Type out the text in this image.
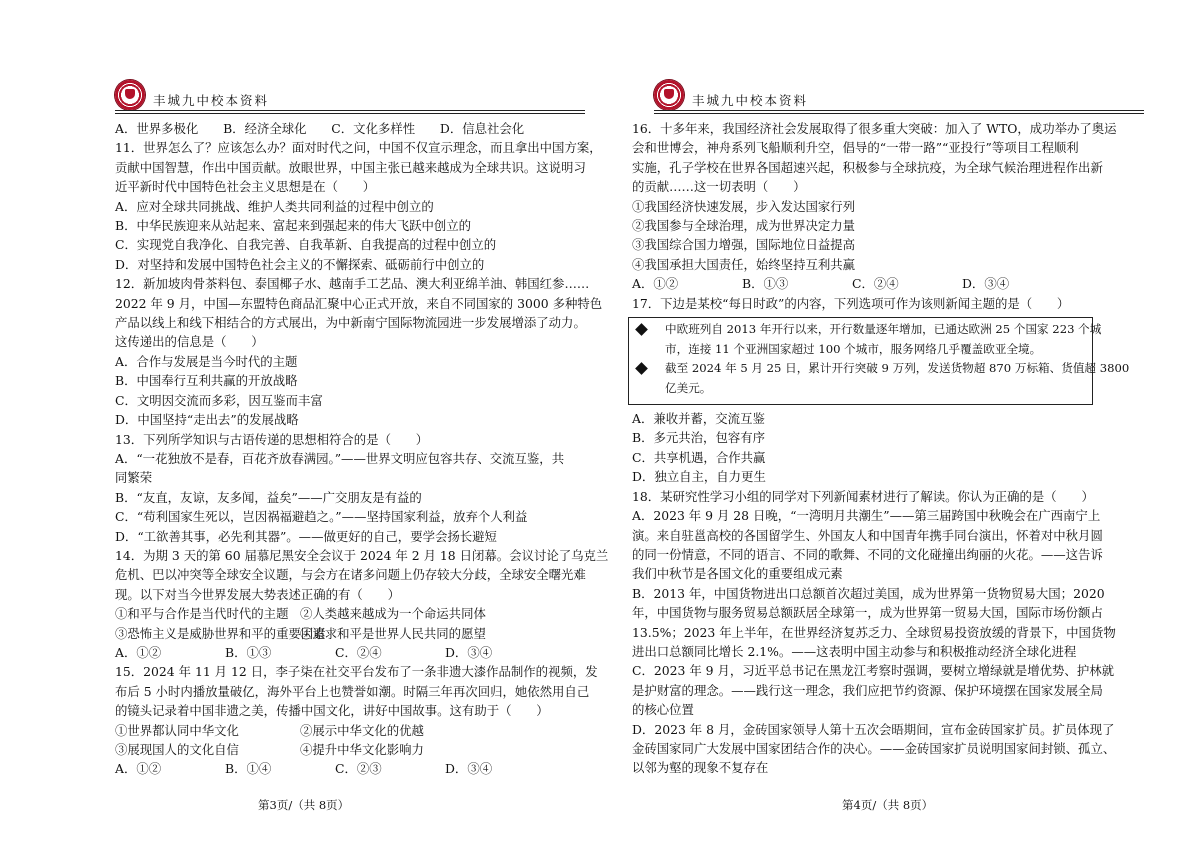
丰城九中校本资料
A．世界多极化　　B．经济全球化　　C．文化多样性　　D．信息社会化
11．世界怎么了？应该怎么办？面对时代之问，中国不仅宣示理念，而且拿出中国方案，
贡献中国智慧，作出中国贡献。放眼世界，中国主张已越来越成为全球共识。这说明习
近平新时代中国特色社会主义思想是在（　　）
A．应对全球共同挑战、维护人类共同利益的过程中创立的
B．中华民族迎来从站起来、富起来到强起来的伟大飞跃中创立的
C．实现党自我净化、自我完善、自我革新、自我提高的过程中创立的
D．对坚持和发展中国特色社会主义的不懈探索、砥砺前行中创立的
12．新加坡肉骨茶料包、泰国椰子水、越南手工艺品、澳大利亚绵羊油、韩国红参……
2022 年 9 月，中国—东盟特色商品汇聚中心正式开放，来自不同国家的 3000 多种特色
产品以线上和线下相结合的方式展出，为中新南宁国际物流园进一步发展增添了动力。
这传递出的信息是（　　）
A．合作与发展是当今时代的主题
B．中国奉行互利共赢的开放战略
C．文明因交流而多彩，因互鉴而丰富
D．中国坚持“走出去”的发展战略
13．下列所学知识与古语传递的思想相符合的是（　　）
A．“一花独放不是春，百花齐放春满园。”——世界文明应包容共存、交流互鉴，共
同繁荣
B．“友直，友谅，友多闻，益矣”——广交朋友是有益的
C．“苟利国家生死以，岂因祸福避趋之。”——坚持国家利益，放弃个人利益
D．“工欲善其事，必先利其器”。——做更好的自己，要学会扬长避短
14．为期 3 天的第 60 届慕尼黑安全会议于 2024 年 2 月 18 日闭幕。会议讨论了乌克兰
危机、巴以冲突等全球安全议题，与会方在诸多问题上仍存较大分歧，全球安全曙光难
现。以下对当今世界发展大势表述正确的有（　　）
①和平与合作是当代时代的主题 ②人类越来越成为一个命运共同体
③恐怖主义是威胁世界和平的重要因素
④追求和平是世界人民共同的愿望
A．①②	B．①③	C．②④	D．③④
15．2024 年 11 月 12 日，李子柒在社交平台发布了一条非遗大漆作品制作的视频，发
布后 5 小时内播放量破亿，海外平台上也赞誉如潮。时隔三年再次回归，她依然用自己
的镜头记录着中国非遗之美，传播中国文化，讲好中国故事。这有助于（　　）
①世界都认同中华文化	②展示中华文化的优越
③展现国人的文化自信	④提升中华文化影响力
A．①②	B．①④	C．②③	D．③④
第3页/（共 8页）
丰城九中校本资料
16．十多年来，我国经济社会发展取得了很多重大突破：加入了 WTO，成功举办了奥运
会和世博会，神舟系列飞船顺利升空，倡导的“一带一路”“亚投行”等项目工程顺利
实施，孔子学校在世界各国超速兴起，积极参与全球抗疫，为全球气候治理进程作出新
的贡献……这一切表明（　　）
①我国经济快速发展，步入发达国家行列
②我国参与全球治理，成为世界决定力量
③我国综合国力增强，国际地位日益提高
④我国承担大国责任，始终坚持互利共赢
A．①②	B．①③	C．②④	D．③④
17．下边是某校“每日时政”的内容，下列选项可作为该则新闻主题的是（　　）
中欧班列自 2013 年开行以来，开行数量逐年增加，已通达欧洲 25 个国家 223 个城
市，连接 11 个亚洲国家超过 100 个城市，服务网络几乎覆盖欧亚全境。
截至 2024 年 5 月 25 日，累计开行突破 9 万列，发送货物超 870 万标箱、货值超 3800
亿美元。
A．兼收并蓄，交流互鉴
B．多元共治，包容有序
C．共享机遇，合作共赢
D．独立自主，自力更生
18．某研究性学习小组的同学对下列新闻素材进行了解读。你认为正确的是（　　）
A．2023 年 9 月 28 日晚，“一湾明月共潮生”——第三届跨国中秋晚会在广西南宁上
演。来自驻邕高校的各国留学生、外国友人和中国青年携手同台演出，怀着对中秋月圆
的同一份情意，不同的语言、不同的歌舞、不同的文化碰撞出绚丽的火花。——这告诉
我们中秋节是各国文化的重要组成元素
B．2013 年，中国货物进出口总额首次超过美国，成为世界第一货物贸易大国；2020
年，中国货物与服务贸易总额跃居全球第一，成为世界第一贸易大国，国际市场份额占
13.5%；2023 年上半年，在世界经济复苏乏力、全球贸易投资放缓的背景下，中国货物
进出口总额同比增长 2.1%。——这表明中国主动参与和积极推动经济全球化进程
C．2023 年 9 月，习近平总书记在黑龙江考察时强调，要树立增绿就是增优势、护林就
是护财富的理念。——践行这一理念，我们应把节约资源、保护环境摆在国家发展全局
的核心位置
D．2023 年 8 月，金砖国家领导人第十五次会晤期间，宣布金砖国家扩员。扩员体现了
金砖国家同广大发展中国家团结合作的决心。——金砖国家扩员说明国家间封锁、孤立、
以邻为壑的现象不复存在
第4页/（共 8页）
